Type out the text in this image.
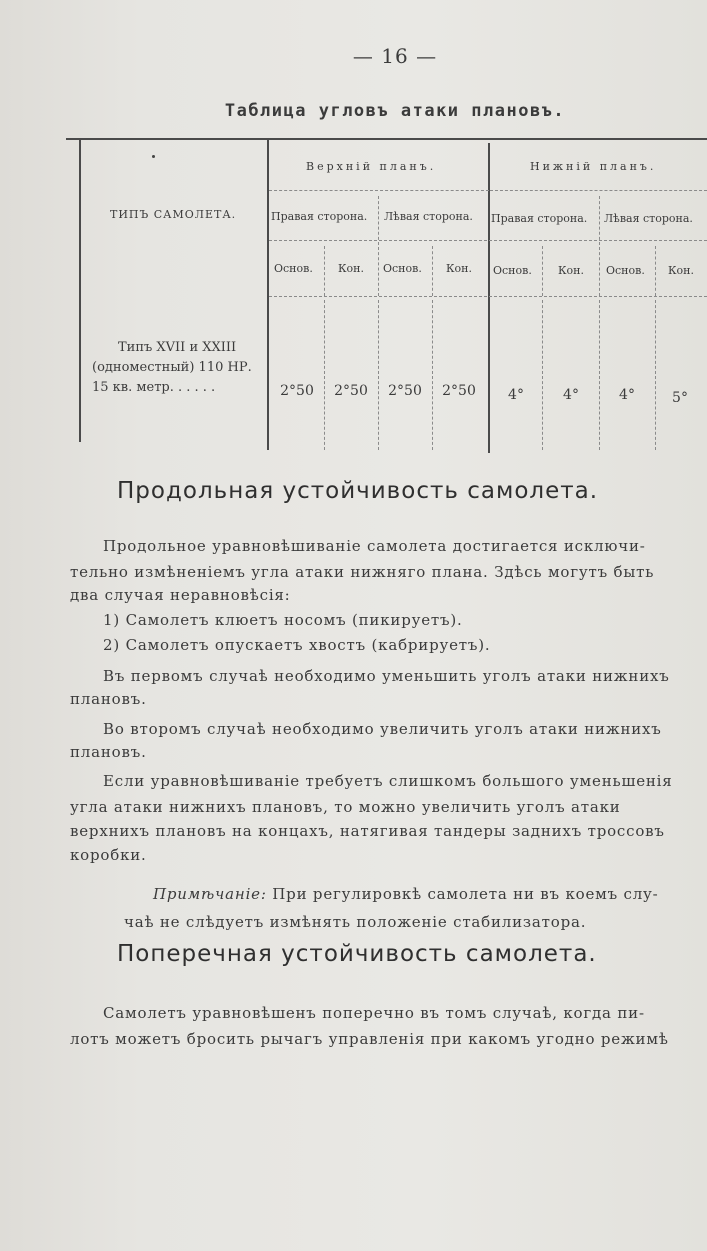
— 16 —
Таблица угловъ атаки плановъ.
ТИПЪ САМОЛЕТА.
Верхній планъ.	Нижній планъ.
Правая сторона. Лѣвая сторона. Правая сторона. Лѣвая сторона.
Основ. Кон. Основ. Кон. Основ. Кон. Основ. Кон.
Типъ XVII и XXIII
(одноместный) 110 НР.
15 кв. метр. . . . . .	2°50	2°50	2°50	2°50	4°	4°	4°	5°
Продольная устойчивость самолета.
Продольное уравновѣшиваніе самолета достигается исключи-
тельно измѣненіемъ угла атаки нижняго плана. Здѣсь могутъ быть
два случая неравновѣсія:
1) Самолетъ клюетъ носомъ (пикируетъ).
2) Самолетъ опускаетъ хвостъ (кабрируетъ).
Въ первомъ случаѣ необходимо уменьшить уголъ атаки нижнихъ
плановъ.
Во второмъ случаѣ необходимо увеличить уголъ атаки нижнихъ
плановъ.
Если уравновѣшиваніе требуетъ слишкомъ большого уменьшенія
угла атаки нижнихъ плановъ, то можно увеличить уголъ атаки
верхнихъ плановъ на концахъ, натягивая тандеры заднихъ троссовъ
коробки.
Примѣчаніе: При регулировкѣ самолета ни въ коемъ слу-
чаѣ не слѣдуетъ измѣнять положеніе стабилизатора.
Поперечная устойчивость самолета.
Самолетъ уравновѣшенъ поперечно въ томъ случаѣ, когда пи-
лотъ можетъ бросить рычагъ управленія при какомъ угодно режимѣ
